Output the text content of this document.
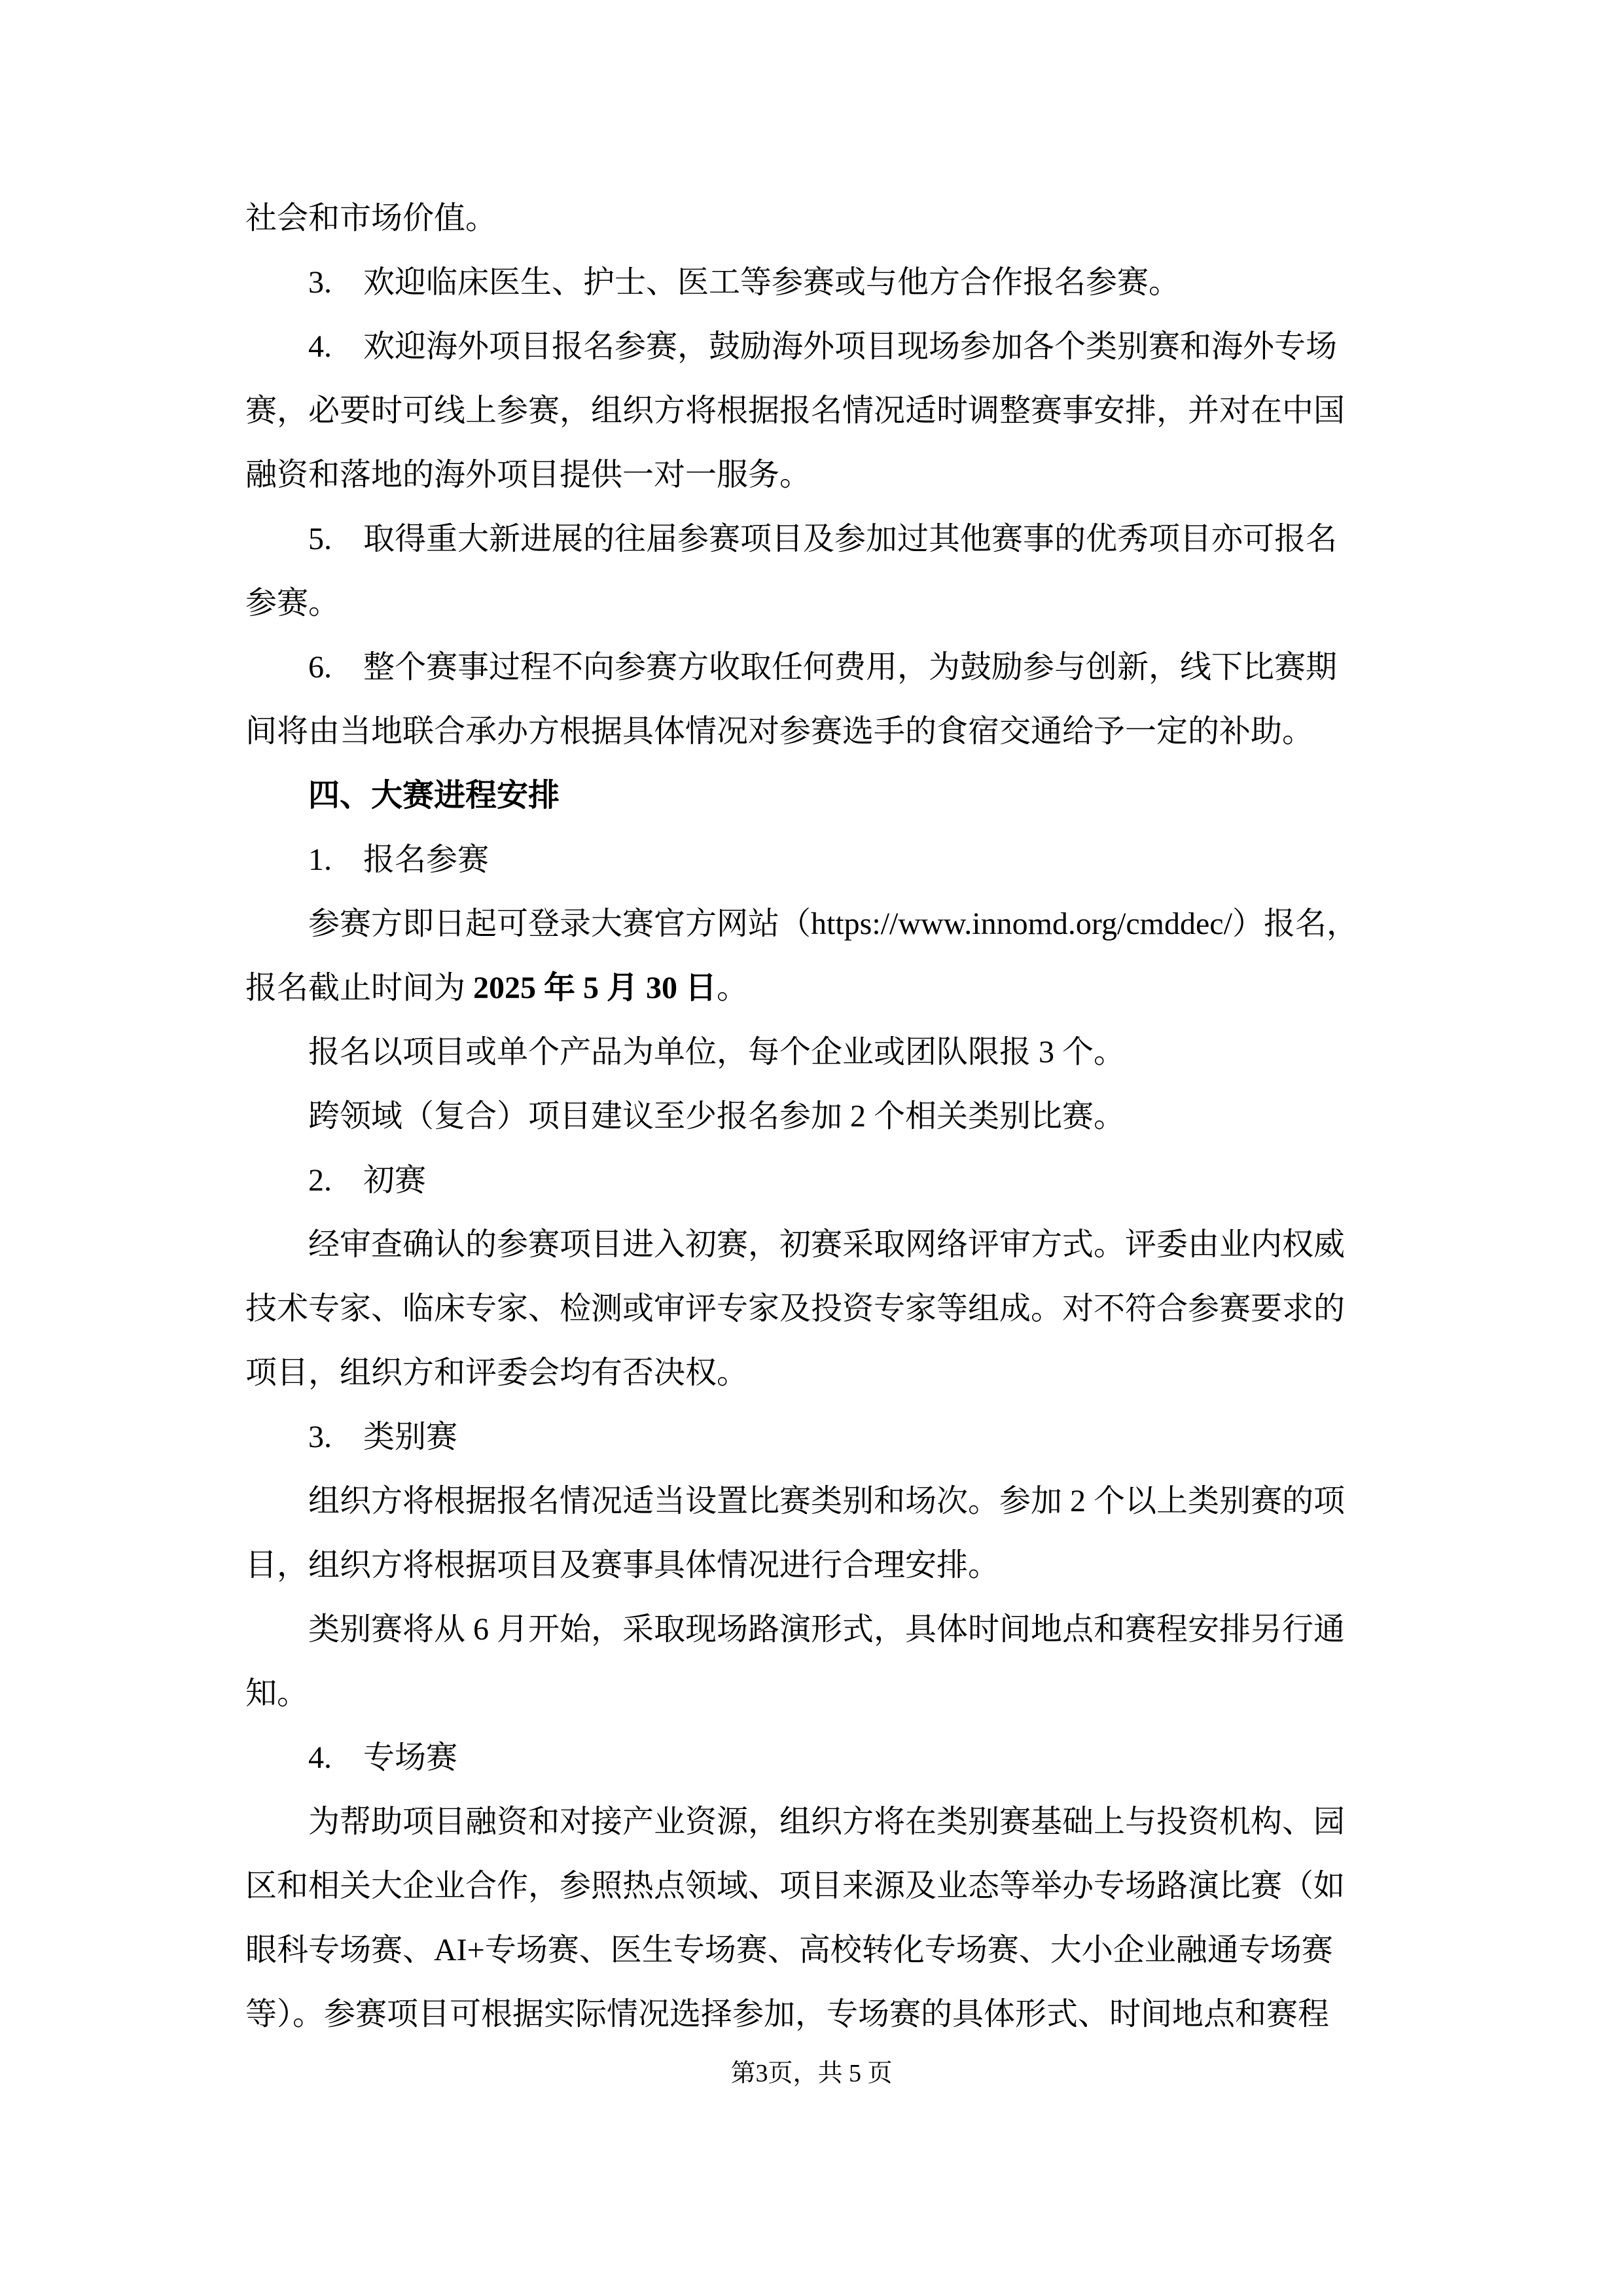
社会和市场价值。

3.　欢迎临床医生、护士、医工等参赛或与他方合作报名参赛。

4.　欢迎海外项目报名参赛，鼓励海外项目现场参加各个类别赛和海外专场

赛，必要时可线上参赛，组织方将根据报名情况适时调整赛事安排，并对在中国

融资和落地的海外项目提供一对一服务。

5.　取得重大新进展的往届参赛项目及参加过其他赛事的优秀项目亦可报名

参赛。

6.　整个赛事过程不向参赛方收取任何费用，为鼓励参与创新，线下比赛期

间将由当地联合承办方根据具体情况对参赛选手的食宿交通给予一定的补助。

四、大赛进程安排

1.　报名参赛

参赛方即日起可登录大赛官方网站（https://www.innomd.org/cmddec/）报名，

报名截止时间为 2025 年 5 月 30 日。

报名以项目或单个产品为单位，每个企业或团队限报 3 个。

跨领域（复合）项目建议至少报名参加 2 个相关类别比赛。

2.　初赛

经审查确认的参赛项目进入初赛，初赛采取网络评审方式。评委由业内权威

技术专家、临床专家、检测或审评专家及投资专家等组成。对不符合参赛要求的

项目，组织方和评委会均有否决权。

3.　类别赛

组织方将根据报名情况适当设置比赛类别和场次。参加 2 个以上类别赛的项

目，组织方将根据项目及赛事具体情况进行合理安排。

类别赛将从 6 月开始，采取现场路演形式，具体时间地点和赛程安排另行通

知。

4.　专场赛

为帮助项目融资和对接产业资源，组织方将在类别赛基础上与投资机构、园

区和相关大企业合作，参照热点领域、项目来源及业态等举办专场路演比赛（如

眼科专场赛、AI+专场赛、医生专场赛、高校转化专场赛、大小企业融通专场赛

等）。参赛项目可根据实际情况选择参加，专场赛的具体形式、时间地点和赛程

第3页，共 5 页
